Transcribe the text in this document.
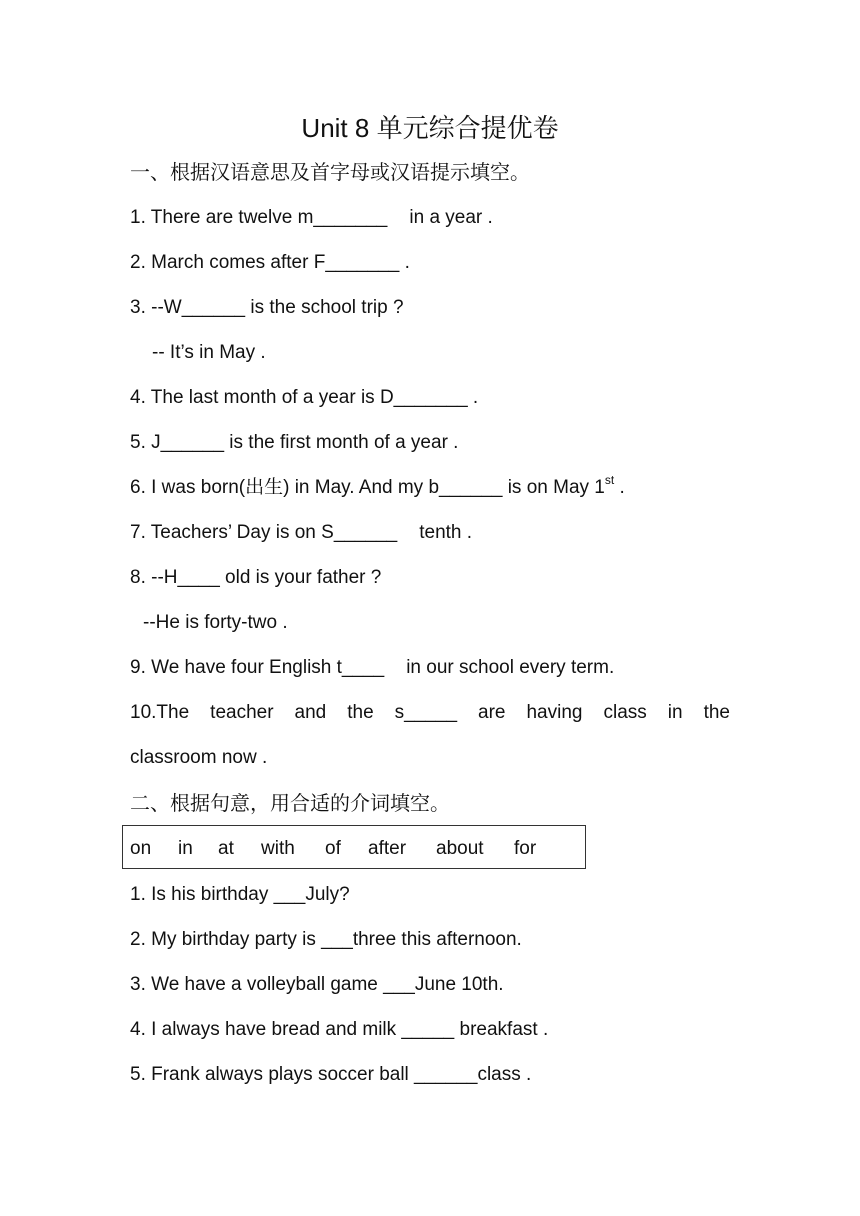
Unit 8 单元综合提优卷
一、根据汉语意思及首字母或汉语提示填空。
1. There are twelve m_______ in a year .
2. March comes after F_______ .
3. --W______ is the school trip ?
-- It’s in May .
4. The last month of a year is D_______ .
5. J______ is the first month of a year .
6. I was born(出生) in May. And my b______ is on May 1st .
7. Teachers’ Day is on S______ tenth .
8. --H____ old is your father ?
--He is forty-two .
9. We have four English t____ in our school every term.
10.The teacher and the s_____ are having class in the
classroom now .
二、根据句意，用合适的介词填空。
on in at with of after about for
1. Is his birthday ___July?
2. My birthday party is ___three this afternoon.
3. We have a volleyball game ___June 10th.
4. I always have bread and milk _____ breakfast .
5. Frank always plays soccer ball ______class .
